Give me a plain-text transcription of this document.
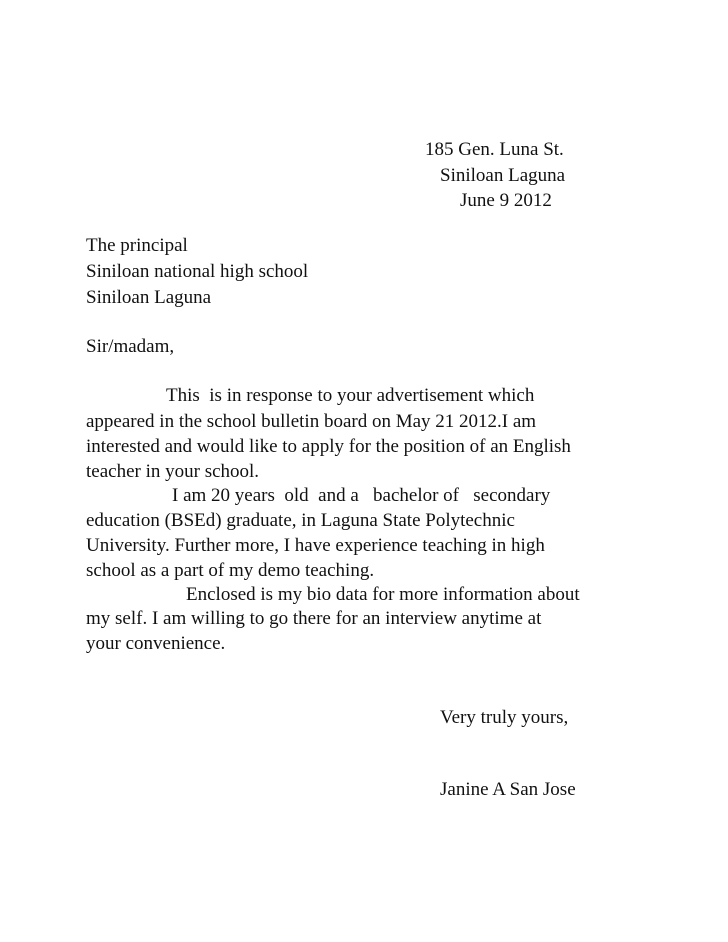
185 Gen. Luna St.

Siniloan Laguna

June 9 2012

The principal

Siniloan national high school

Siniloan Laguna

Sir/madam,

This  is in response to your advertisement which

appeared in the school bulletin board on May 21 2012.I am

interested and would like to apply for the position of an English

teacher in your school.

I am 20 years  old  and a   bachelor of   secondary

education (BSEd) graduate, in Laguna State Polytechnic

University. Further more, I have experience teaching in high

school as a part of my demo teaching.

Enclosed is my bio data for more information about

my self. I am willing to go there for an interview anytime at

your convenience.

Very truly yours,

Janine A San Jose
